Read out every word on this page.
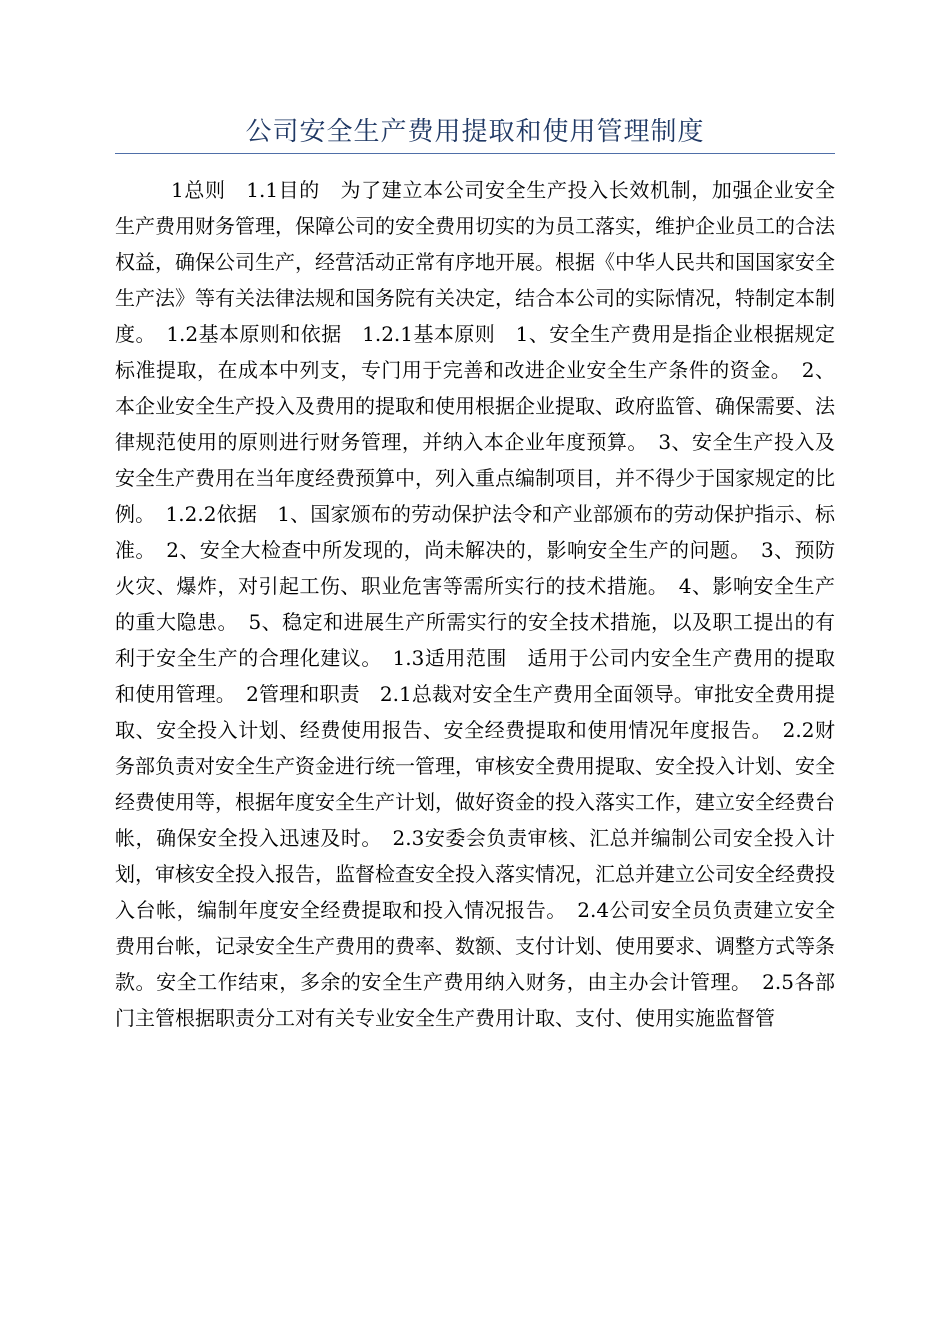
公司安全生产费用提取和使用管理制度

1总则　1.1目的　为了建立本公司安全生产投入长效机制，加强企业安全生产费用财务管理，保障公司的安全费用切实的为员工落实，维护企业员工的合法权益，确保公司生产，经营活动正常有序地开展。根据《中华人民共和国国家安全生产法》等有关法律法规和国务院有关决定，结合本公司的实际情况，特制定本制度。　1.2基本原则和依据　1.2.1基本原则　1、安全生产费用是指企业根据规定标准提取，在成本中列支，专门用于完善和改进企业安全生产条件的资金。　2、本企业安全生产投入及费用的提取和使用根据企业提取、政府监管、确保需要、法律规范使用的原则进行财务管理，并纳入本企业年度预算。　3、安全生产投入及安全生产费用在当年度经费预算中，列入重点编制项目，并不得少于国家规定的比例。　1.2.2依据　1、国家颁布的劳动保护法令和产业部颁布的劳动保护指示、标准。　2、安全大检查中所发现的，尚未解决的，影响安全生产的问题。　3、预防火灾、爆炸，对引起工伤、职业危害等需所实行的技术措施。　4、影响安全生产的重大隐患。　5、稳定和进展生产所需实行的安全技术措施，以及职工提出的有利于安全生产的合理化建议。　1.3适用范围　适用于公司内安全生产费用的提取和使用管理。　2管理和职责　2.1总裁对安全生产费用全面领导。审批安全费用提取、安全投入计划、经费使用报告、安全经费提取和使用情况年度报告。　2.2财务部负责对安全生产资金进行统一管理，审核安全费用提取、安全投入计划、安全经费使用等，根据年度安全生产计划，做好资金的投入落实工作，建立安全经费台帐，确保安全投入迅速及时。　2.3安委会负责审核、汇总并编制公司安全投入计划，审核安全投入报告，监督检查安全投入落实情况，汇总并建立公司安全经费投入台帐，编制年度安全经费提取和投入情况报告。　2.4公司安全员负责建立安全费用台帐，记录安全生产费用的费率、数额、支付计划、使用要求、调整方式等条款。安全工作结束，多余的安全生产费用纳入财务，由主办会计管理。　2.5各部门主管根据职责分工对有关专业安全生产费用计取、支付、使用实施监督管
